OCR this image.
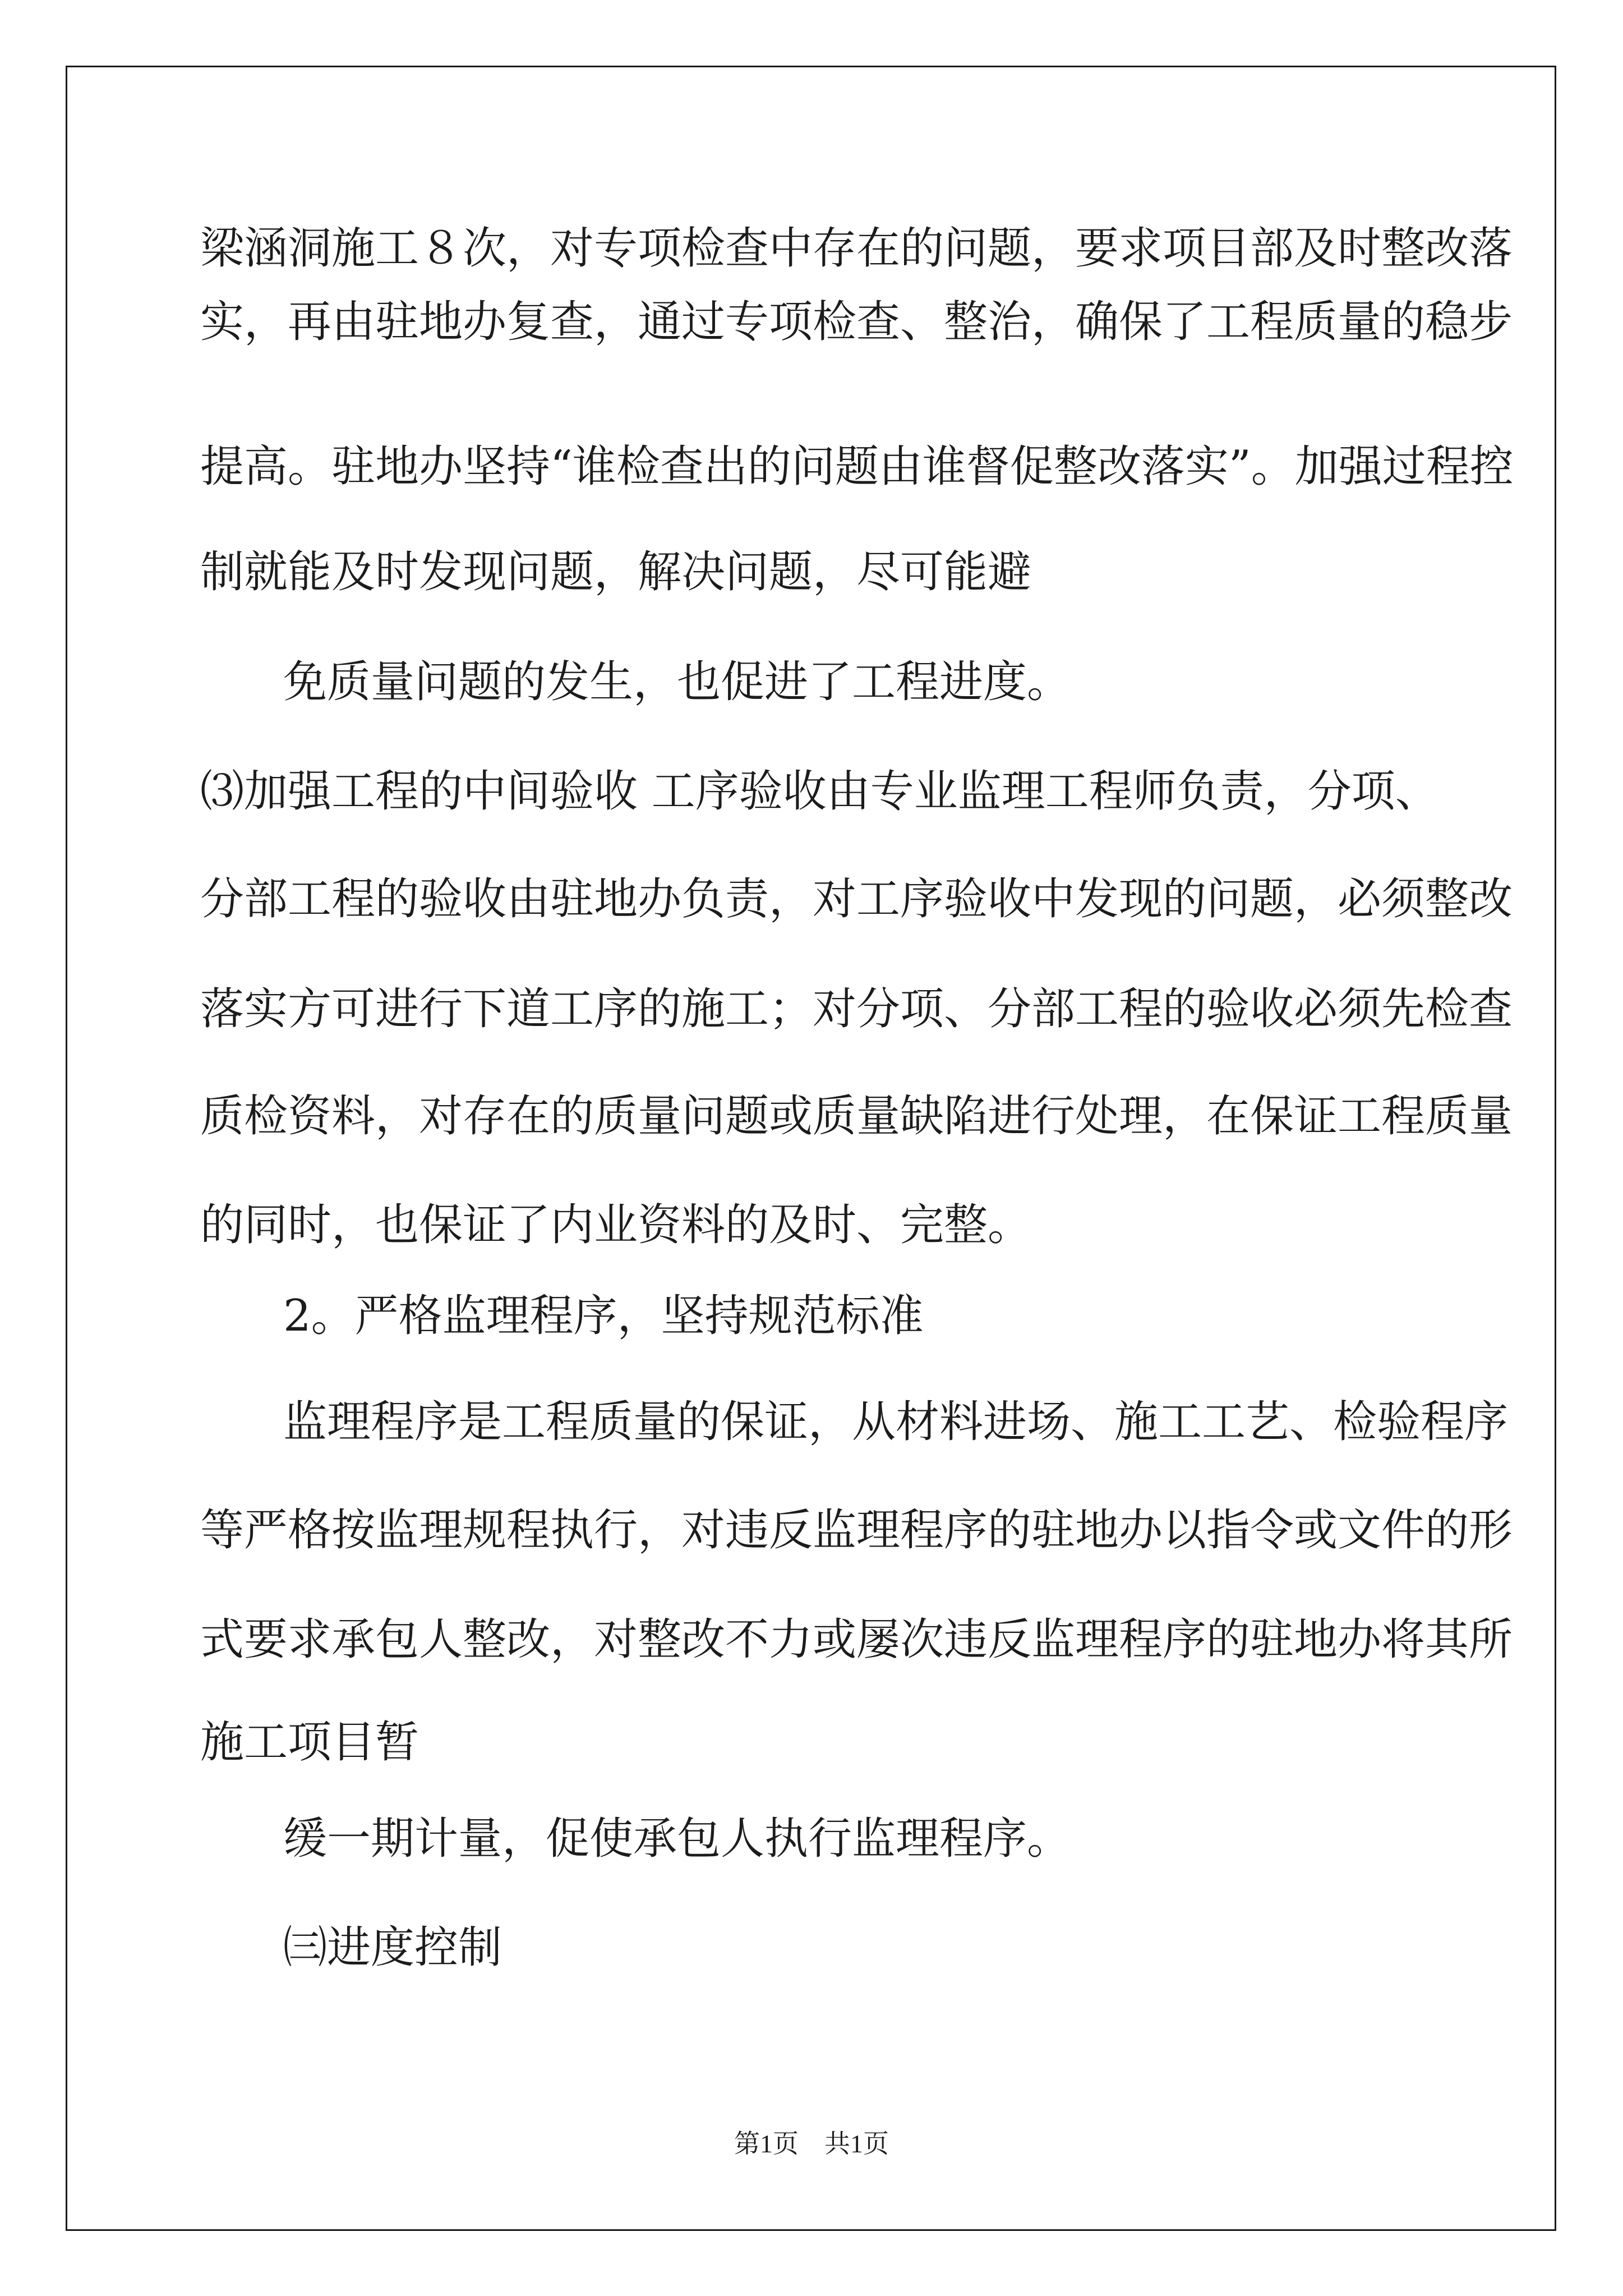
梁涵洞施工８次，对专项检查中存在的问题，要求项目部及时整改落
实，再由驻地办复查，通过专项检查、整治，确保了工程质量的稳步
提高。驻地办坚持“谁检查出的问题由谁督促整改落实”。加强过程控
制就能及时发现问题，解决问题，尽可能避
免质量问题的发生，也促进了工程进度。
⑶加强工程的中间验收 工序验收由专业监理工程师负责，分项、
分部工程的验收由驻地办负责，对工序验收中发现的问题，必须整改
落实方可进行下道工序的施工；对分项、分部工程的验收必须先检查
质检资料，对存在的质量问题或质量缺陷进行处理，在保证工程质量
的同时，也保证了内业资料的及时、完整。
2。严格监理程序，坚持规范标准
监理程序是工程质量的保证，从材料进场、施工工艺、检验程序
等严格按监理规程执行，对违反监理程序的驻地办以指令或文件的形
式要求承包人整改，对整改不力或屡次违反监理程序的驻地办将其所
施工项目暂
缓一期计量，促使承包人执行监理程序。
㈢进度控制
第1页　共1页
